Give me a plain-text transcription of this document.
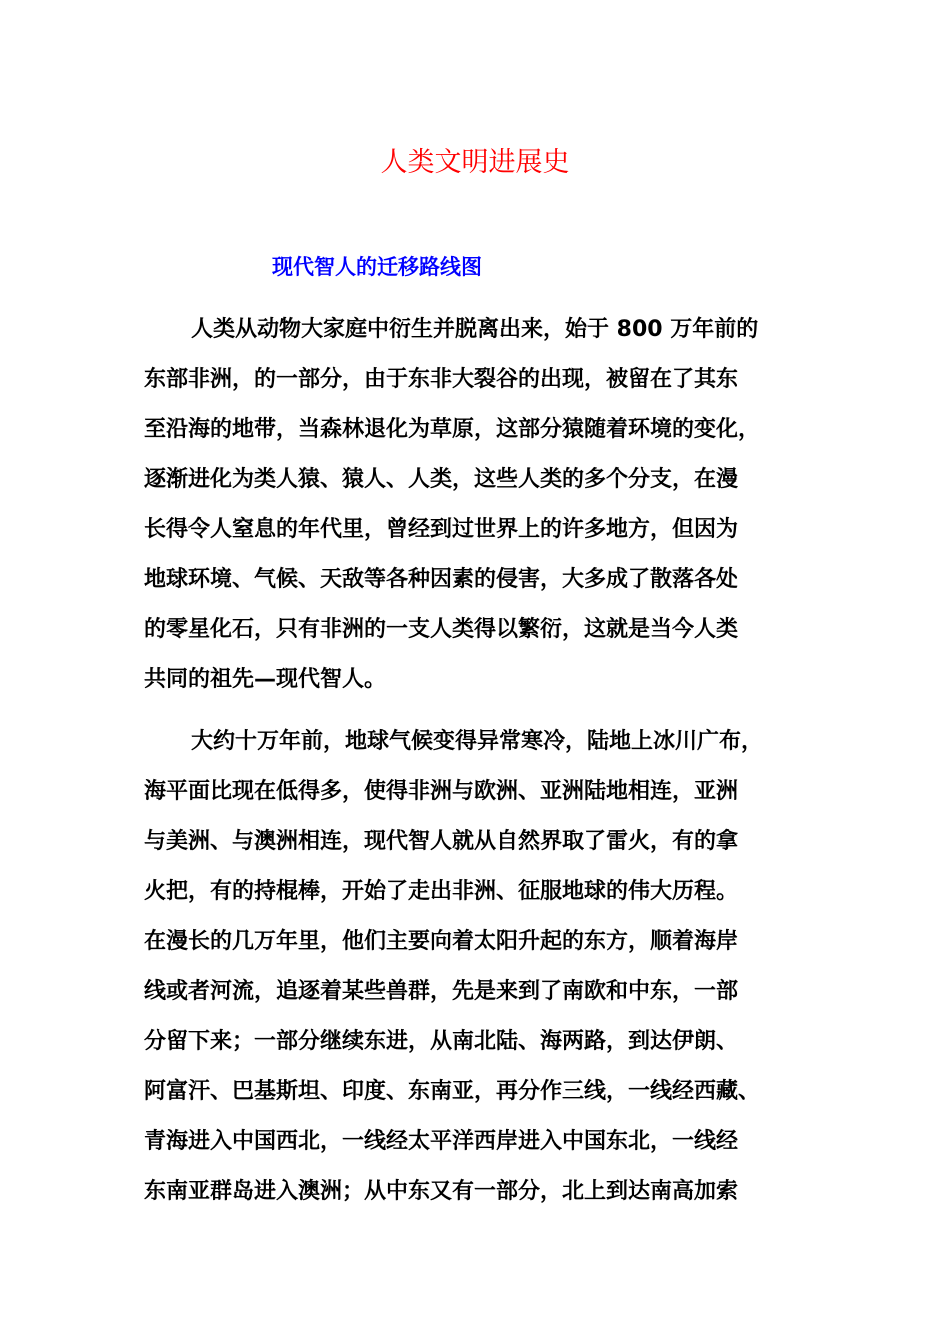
人类文明进展史
现代智人的迁移路线图
人类从动物大家庭中衍生并脱离出来，始于 800 万年前的
东部非洲，的一部分，由于东非大裂谷的出现，被留在了其东
至沿海的地带，当森林退化为草原，这部分猿随着环境的变化，
逐渐进化为类人猿、猿人、人类，这些人类的多个分支，在漫
长得令人窒息的年代里，曾经到过世界上的许多地方，但因为
地球环境、气候、天敌等各种因素的侵害，大多成了散落各处
的零星化石，只有非洲的一支人类得以繁衍，这就是当今人类
共同的祖先—现代智人。
大约十万年前，地球气候变得异常寒冷，陆地上冰川广布，
海平面比现在低得多，使得非洲与欧洲、亚洲陆地相连，亚洲
与美洲、与澳洲相连，现代智人就从自然界取了雷火，有的拿
火把，有的持棍棒，开始了走出非洲、征服地球的伟大历程。
在漫长的几万年里，他们主要向着太阳升起的东方，顺着海岸
线或者河流，追逐着某些兽群，先是来到了南欧和中东，一部
分留下来；一部分继续东进，从南北陆、海两路，到达伊朗、
阿富汗、巴基斯坦、印度、东南亚，再分作三线，一线经西藏、
青海进入中国西北，一线经太平洋西岸进入中国东北，一线经
东南亚群岛进入澳洲；从中东又有一部分，北上到达南高加索
